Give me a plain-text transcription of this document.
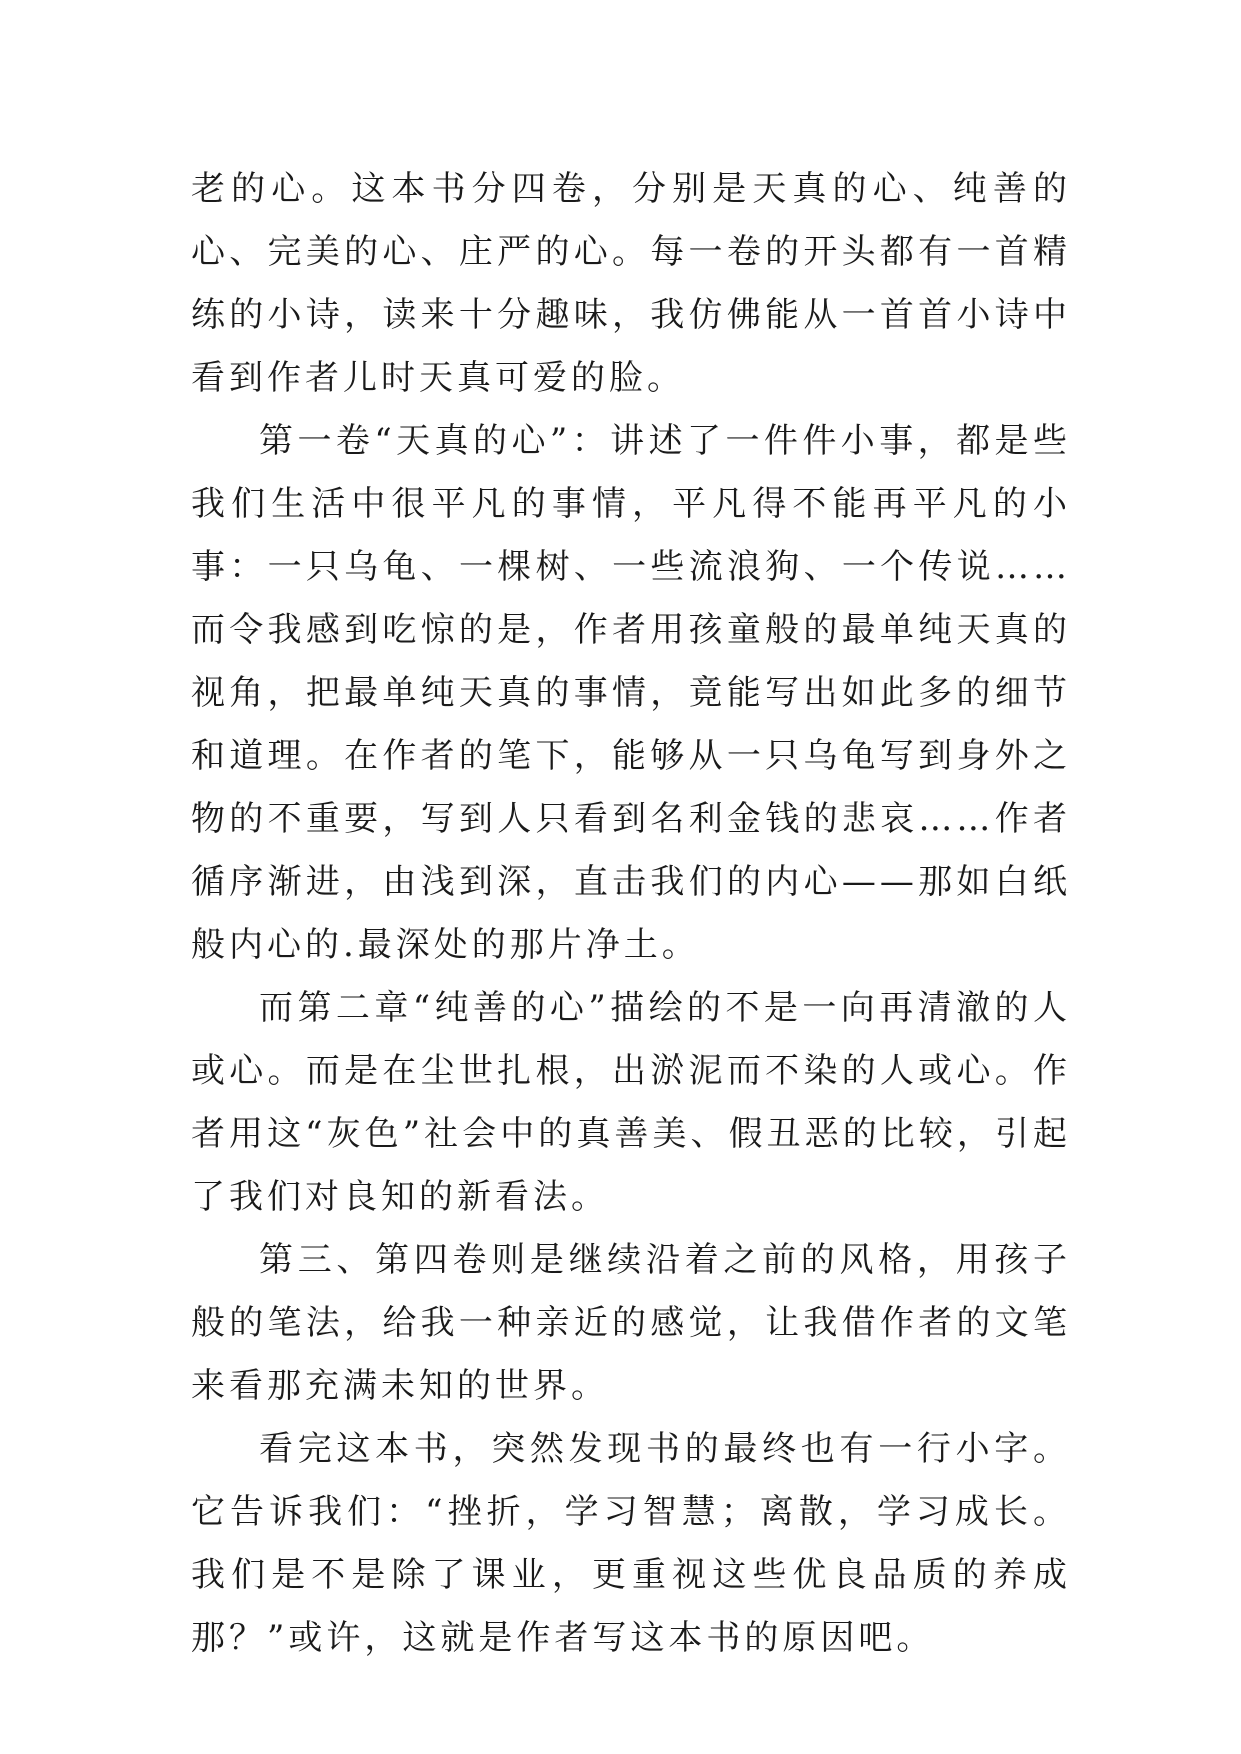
老的心。这本书分四卷，分别是天真的心、纯善的心、完美的心、庄严的心。每一卷的开头都有一首精练的小诗，读来十分趣味，我仿佛能从一首首小诗中看到作者儿时天真可爱的脸。

第一卷“天真的心”：讲述了一件件小事，都是些我们生活中很平凡的事情，平凡得不能再平凡的小事：一只乌龟、一棵树、一些流浪狗、一个传说……而令我感到吃惊的是，作者用孩童般的最单纯天真的视角，把最单纯天真的事情，竟能写出如此多的细节和道理。在作者的笔下，能够从一只乌龟写到身外之物的不重要，写到人只看到名利金钱的悲哀……作者循序渐进，由浅到深，直击我们的内心——那如白纸般内心的.最深处的那片净土。

而第二章“纯善的心”描绘的不是一向再清澈的人或心。而是在尘世扎根，出淤泥而不染的人或心。作者用这“灰色”社会中的真善美、假丑恶的比较，引起了我们对良知的新看法。

第三、第四卷则是继续沿着之前的风格，用孩子般的笔法，给我一种亲近的感觉，让我借作者的文笔来看那充满未知的世界。

看完这本书，突然发现书的最终也有一行小字。它告诉我们：“挫折，学习智慧；离散，学习成长。我们是不是除了课业，更重视这些优良品质的养成那？”或许，这就是作者写这本书的原因吧。
